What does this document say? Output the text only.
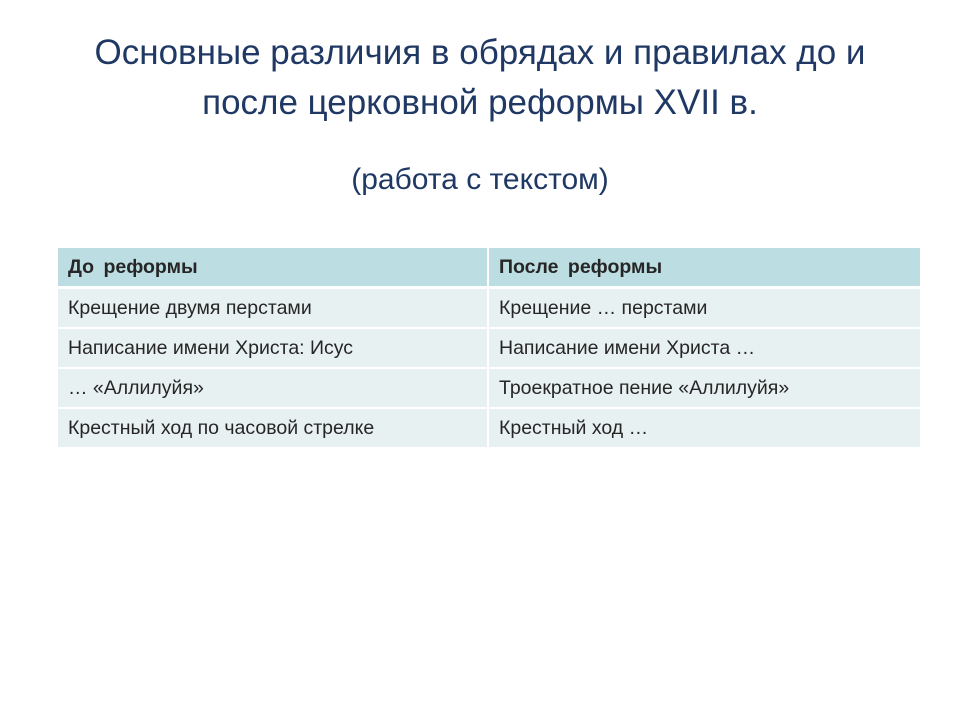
Основные различия в обрядах и правилах до и
после церковной реформы XVII в.

(работа с текстом)

До реформы	После реформы
Крещение двумя перстами	Крещение … перстами
Написание имени Христа: Исус	Написание имени Христа …
… «Аллилуйя»	Троекратное пение «Аллилуйя»
Крестный ход по часовой стрелке	Крестный ход …
